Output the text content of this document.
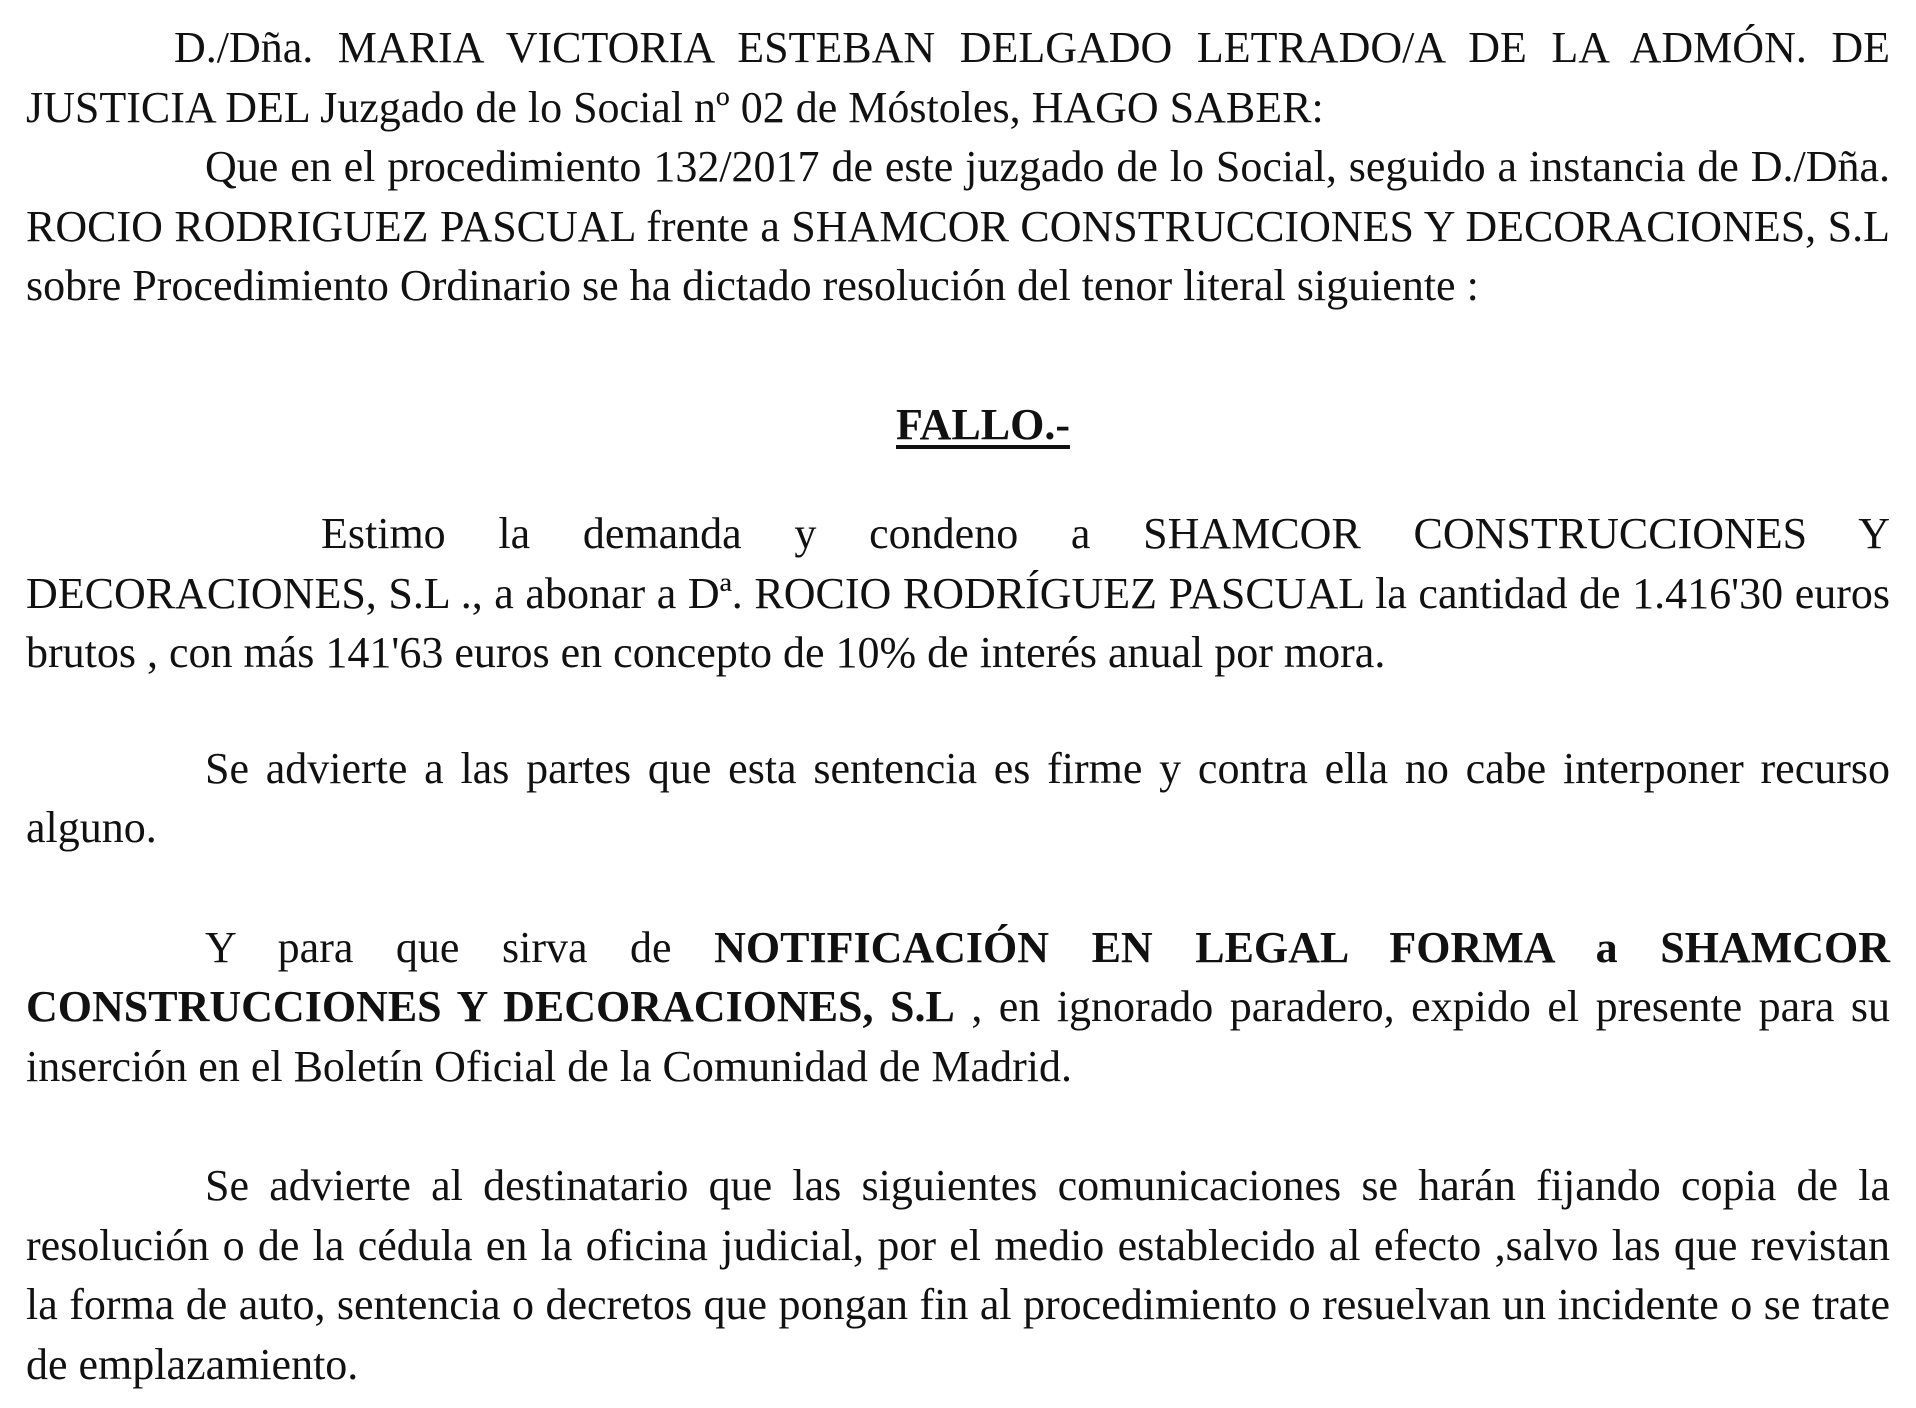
D./Dña. MARIA VICTORIA ESTEBAN DELGADO LETRADO/A DE LA ADMÓN. DE JUSTICIA DEL Juzgado de lo Social nº 02 de Móstoles, HAGO SABER:

Que en el procedimiento 132/2017 de este juzgado de lo Social, seguido a instancia de D./Dña. ROCIO RODRIGUEZ PASCUAL frente a SHAMCOR CONSTRUCCIONES Y DECORACIONES, S.L sobre Procedimiento Ordinario se ha dictado resolución del tenor literal siguiente :

FALLO.-

Estimo la demanda y condeno a SHAMCOR CONSTRUCCIONES Y DECORACIONES, S.L ., a abonar a Dª. ROCIO RODRÍGUEZ PASCUAL la cantidad de 1.416'30 euros brutos , con más 141'63 euros en concepto de 10% de interés anual por mora.

Se advierte a las partes que esta sentencia es firme y contra ella no cabe interponer recurso alguno.

Y para que sirva de NOTIFICACIÓN EN LEGAL FORMA a SHAMCOR CONSTRUCCIONES Y DECORACIONES, S.L , en ignorado paradero, expido el presente para su inserción en el Boletín Oficial de la Comunidad de Madrid.

Se advierte al destinatario que las siguientes comunicaciones se harán fijando copia de la resolución o de la cédula en la oficina judicial, por el medio establecido al efecto ,salvo las que revistan la forma de auto, sentencia o decretos que pongan fin al procedimiento o resuelvan un incidente o se trate de emplazamiento.
